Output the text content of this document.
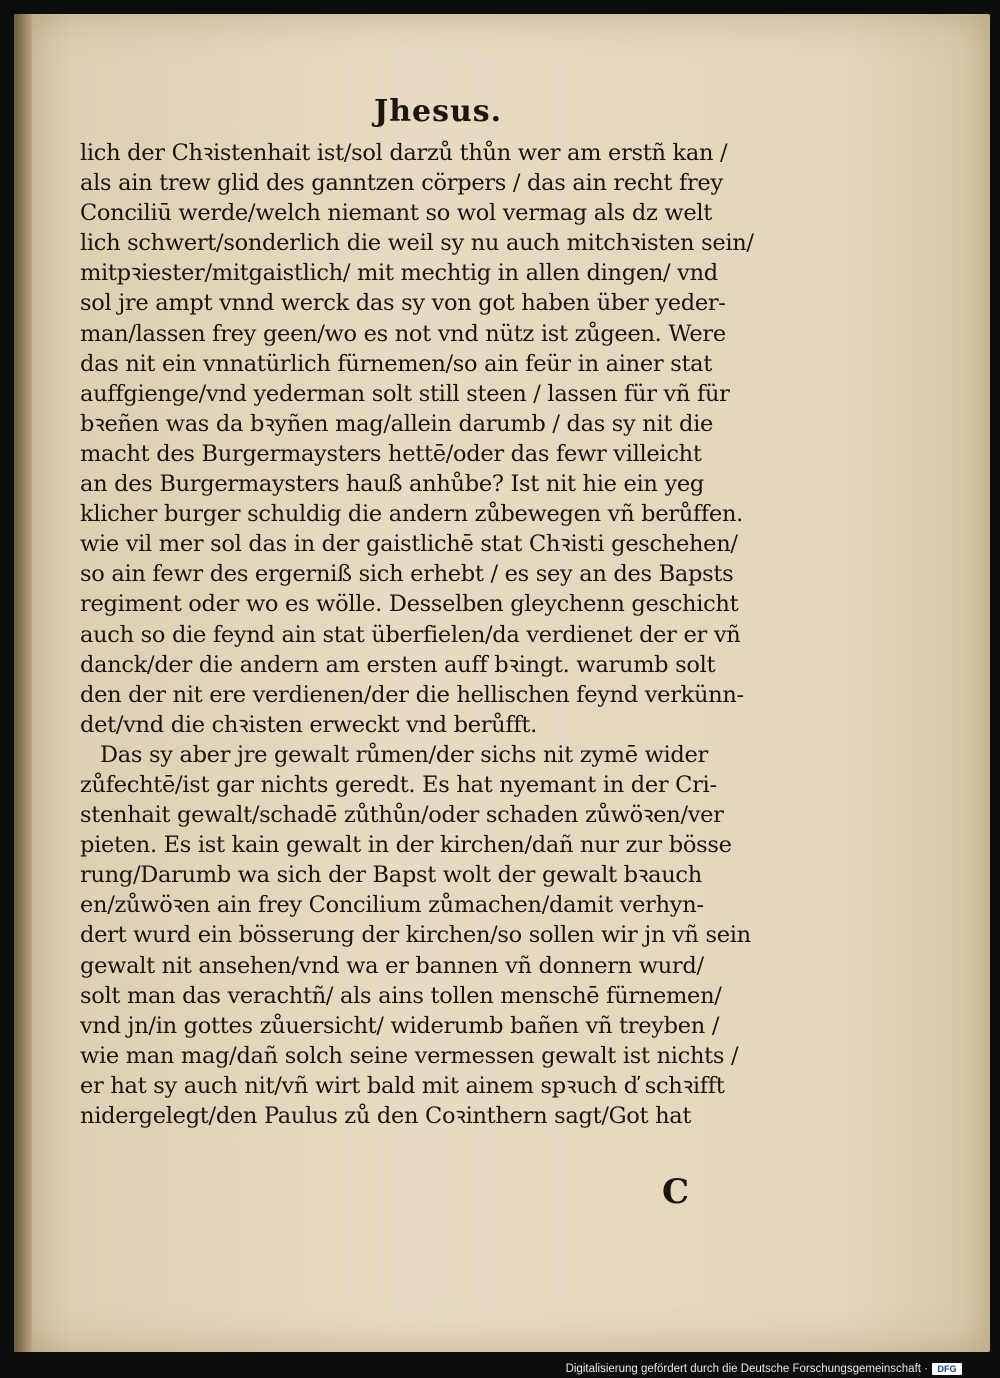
Jhesus.
lich der Chꝛistenhait ist/sol darzů thůn wer am erstñ kan /
als ain trew glid des ganntzen cörpers / das ain recht frey
Conciliū werde/welch niemant so wol vermag als dz welt
lich schwert/sonderlich die weil sy nu auch mitchꝛisten sein/
mitpꝛiester/mitgaistlich/ mit mechtig in allen dingen/ vnd
sol jre ampt vnnd werck das sy von got haben über yeder-
man/lassen frey geen/wo es not vnd nütz ist zůgeen. Were
das nit ein vnnatürlich fürnemen/so ain feür in ainer stat
auffgienge/vnd yederman solt still steen / lassen für vñ für
bꝛeñen was da bꝛyñen mag/allein darumb / das sy nit die
macht des Burgermaysters hettē/oder das fewr villeicht
an des Burgermaysters hauß anhůbe? Ist nit hie ein yeg
klicher burger schuldig die andern zůbewegen vñ berůffen.
wie vil mer sol das in der gaistlichē stat Chꝛisti geschehen/
so ain fewr des ergerniß sich erhebt / es sey an des Bapsts
regiment oder wo es wölle. Desselben gleychenn geschicht
auch so die feynd ain stat überfielen/da verdienet der er vñ
danck/der die andern am ersten auff bꝛingt. warumb solt
den der nit ere verdienen/der die hellischen feynd verkünn-
det/vnd die chꝛisten erweckt vnd berůfft.
Das sy aber jre gewalt růmen/der sichs nit zymē wider
zůfechtē/ist gar nichts geredt. Es hat nyemant in der Cri-
stenhait gewalt/schadē zůthůn/oder schaden zůwöꝛen/ver
pieten. Es ist kain gewalt in der kirchen/dañ nur zur bösse
rung/Darumb wa sich der Bapst wolt der gewalt bꝛauch
en/zůwöꝛen ain frey Concilium zůmachen/damit verhyn-
dert wurd ein bösserung der kirchen/so sollen wir jn vñ sein
gewalt nit ansehen/vnd wa er bannen vñ donnern wurd/
solt man das verachtñ/ als ains tollen menschē fürnemen/
vnd jn/in gottes zůuersicht/ widerumb bañen vñ treyben /
wie man mag/dañ solch seine vermessen gewalt ist nichts /
er hat sy auch nit/vñ wirt bald mit ainem spꝛuch ď schꝛifft
nidergelegt/den Paulus zů den Coꝛinthern sagt/Got hat
C
Digitalisierung gefördert durch die Deutsche Forschungsgemeinschaft ·	DFG
